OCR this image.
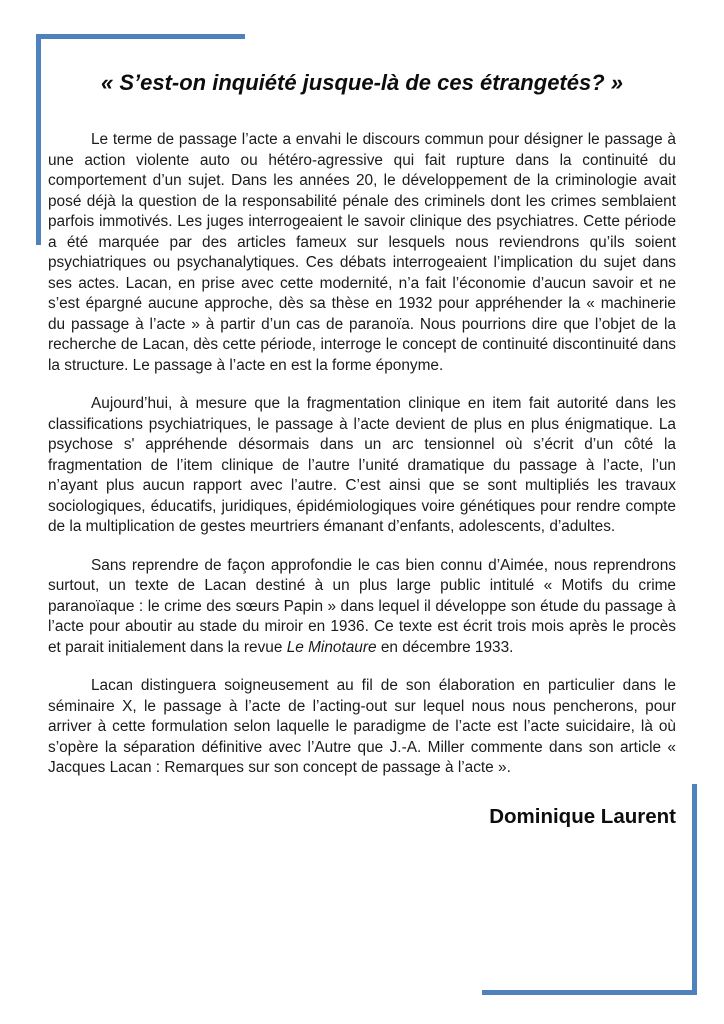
« S’est-on inquiété jusque-là de ces étrangetés? »

Le terme de passage l’acte a envahi le discours commun pour désigner le passage à une action violente auto ou hétéro-agressive qui fait rupture dans la continuité du comportement d’un sujet. Dans les années 20, le développement de la criminologie avait posé déjà la question de la responsabilité pénale des criminels dont les crimes semblaient parfois immotivés. Les juges interrogeaient le savoir clinique des psychiatres. Cette période a été marquée par des articles fameux sur lesquels nous reviendrons qu’ils soient psychiatriques ou psychanalytiques. Ces débats interrogeaient l’implication du sujet dans ses actes. Lacan, en prise avec cette modernité, n’a fait l’économie d’aucun savoir et ne s’est épargné aucune approche, dès sa thèse en 1932 pour appréhender la « machinerie du passage à l’acte » à partir d’un cas de paranoïa. Nous pourrions dire que l’objet de la recherche de Lacan, dès cette période, interroge le concept de continuité discontinuité dans la structure. Le passage à l’acte en est la forme éponyme.

Aujourd’hui, à mesure que la fragmentation clinique en item fait autorité dans les classifications psychiatriques, le passage à l’acte devient de plus en plus énigmatique. La psychose s' appréhende désormais dans un arc tensionnel où s’écrit d’un côté la fragmentation de l’item clinique de l’autre l’unité dramatique du passage à l’acte, l’un n’ayant plus aucun rapport avec l’autre. C’est ainsi que se sont multipliés les travaux sociologiques, éducatifs, juridiques, épidémiologiques voire génétiques pour rendre compte de la multiplication de gestes meurtriers émanant d’enfants, adolescents, d’adultes.

Sans reprendre de façon approfondie le cas bien connu d’Aimée, nous reprendrons surtout, un texte de Lacan destiné à un plus large public intitulé « Motifs du crime paranoïaque : le crime des sœurs Papin » dans lequel il développe son étude du passage à l’acte pour aboutir au stade du miroir en 1936. Ce texte est écrit trois mois après le procès et parait initialement dans la revue Le Minotaure en décembre 1933.

Lacan distinguera soigneusement au fil de son élaboration en particulier dans le séminaire X, le passage à l’acte de l’acting-out sur lequel nous nous pencherons, pour arriver à cette formulation selon laquelle le paradigme de l’acte est l’acte suicidaire, là où s’opère la séparation définitive avec l’Autre que J.-A. Miller commente dans son article « Jacques Lacan : Remarques sur son concept de passage à l’acte ».

Dominique Laurent
